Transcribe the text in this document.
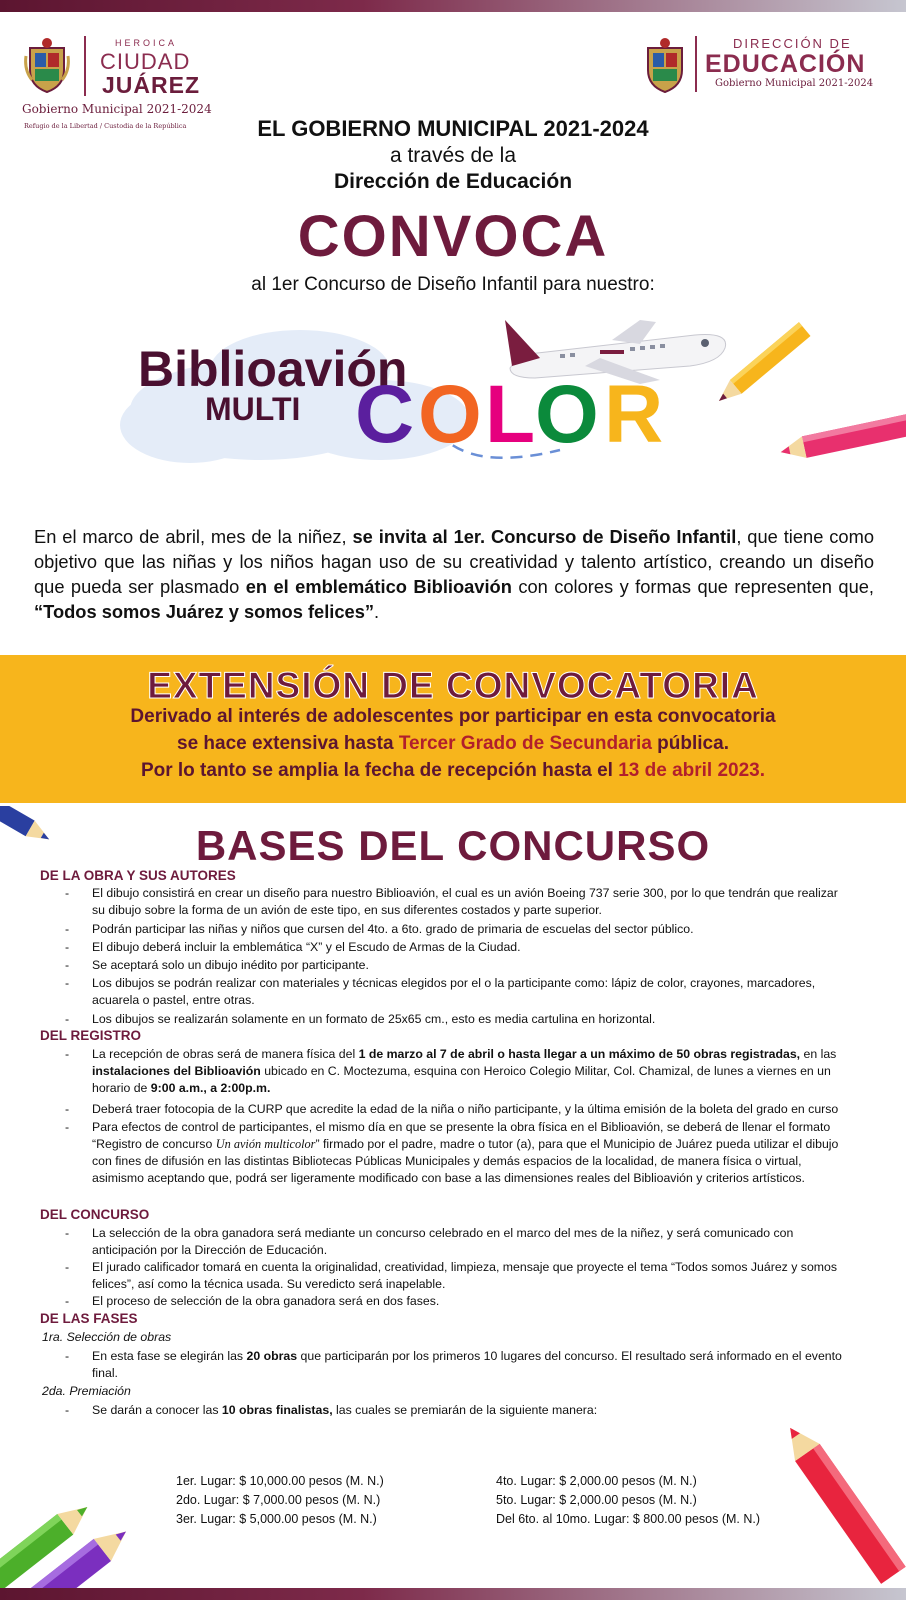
HEROICA
CIUDAD
JUÁREZ
Gobierno Municipal 2021-2024
Refugio de la Libertad / Custodia de la República
DIRECCIÓN DE
EDUCACIÓN
Gobierno Municipal 2021-2024
EL GOBIERNO MUNICIPAL 2021-2024
a través de la
Dirección de Educación
CONVOCA
al 1er Concurso de Diseño Infantil para nuestro:
Biblioavión
MULTI C O L O R
En el marco de abril, mes de la niñez, se invita al 1er. Concurso de Diseño Infantil, que tiene como objetivo que las niñas y los niños hagan uso de su creatividad y talento artístico, creando un diseño que pueda ser plasmado en el emblemático Biblioavión con colores y formas que representen que, “Todos somos Juárez y somos felices”.
EXTENSIÓN DE CONVOCATORIA
Derivado al interés de adolescentes por participar en esta convocatoria
se hace extensiva hasta Tercer Grado de Secundaria pública.
Por lo tanto se amplia la fecha de recepción hasta el 13 de abril 2023.
BASES DEL CONCURSO
DE LA OBRA Y SUS AUTORES
- El dibujo consistirá en crear un diseño para nuestro Biblioavión, el cual es un avión Boeing 737 serie 300, por lo que tendrán que realizar su dibujo sobre la forma de un avión de este tipo, en sus diferentes costados y parte superior.
- Podrán participar las niñas y niños que cursen del 4to. a 6to. grado de primaria de escuelas del sector público.
- El dibujo deberá incluir la emblemática “X” y el Escudo de Armas de la Ciudad.
- Se aceptará solo un dibujo inédito por participante.
- Los dibujos se podrán realizar con materiales y técnicas elegidos por el o la participante como: lápiz de color, crayones, marcadores, acuarela o pastel, entre otras.
- Los dibujos se realizarán solamente en un formato de 25x65 cm., esto es media cartulina en horizontal.
DEL REGISTRO
- La recepción de obras será de manera física del 1 de marzo al 7 de abril o hasta llegar a un máximo de 50 obras registradas, en las instalaciones del Biblioavión ubicado en C. Moctezuma, esquina con Heroico Colegio Militar, Col. Chamizal, de lunes a viernes en un horario de 9:00 a.m., a 2:00p.m.
- Deberá traer fotocopia de la CURP que acredite la edad de la niña o niño participante, y la última emisión de la boleta del grado en curso
- Para efectos de control de participantes, el mismo día en que se presente la obra física en el Biblioavión, se deberá de llenar el formato “Registro de concurso Un avión multicolor” firmado por el padre, madre o tutor (a), para que el Municipio de Juárez pueda utilizar el dibujo con fines de difusión en las distintas Bibliotecas Públicas Municipales y demás espacios de la localidad, de manera física o virtual, asimismo aceptando que, podrá ser ligeramente modificado con base a las dimensiones reales del Biblioavión y criterios artísticos.
DEL CONCURSO
- La selección de la obra ganadora será mediante un concurso celebrado en el marco del mes de la niñez, y será comunicado con anticipación por la Dirección de Educación.
- El jurado calificador tomará en cuenta la originalidad, creatividad, limpieza, mensaje que proyecte el tema “Todos somos Juárez y somos felices”, así como la técnica usada. Su veredicto será inapelable.
- El proceso de selección de la obra ganadora será en dos fases.
DE LAS FASES
1ra. Selección de obras
- En esta fase se elegirán las 20 obras que participarán por los primeros 10 lugares del concurso. El resultado será informado en el evento final.
2da. Premiación
- Se darán a conocer las 10 obras finalistas, las cuales se premiarán de la siguiente manera:
1er. Lugar: $ 10,000.00 pesos (M. N.)
2do. Lugar: $ 7,000.00 pesos (M. N.)
3er. Lugar: $ 5,000.00 pesos (M. N.)
4to. Lugar: $ 2,000.00 pesos (M. N.)
5to. Lugar: $ 2,000.00 pesos (M. N.)
Del 6to. al 10mo. Lugar: $ 800.00 pesos (M. N.)
